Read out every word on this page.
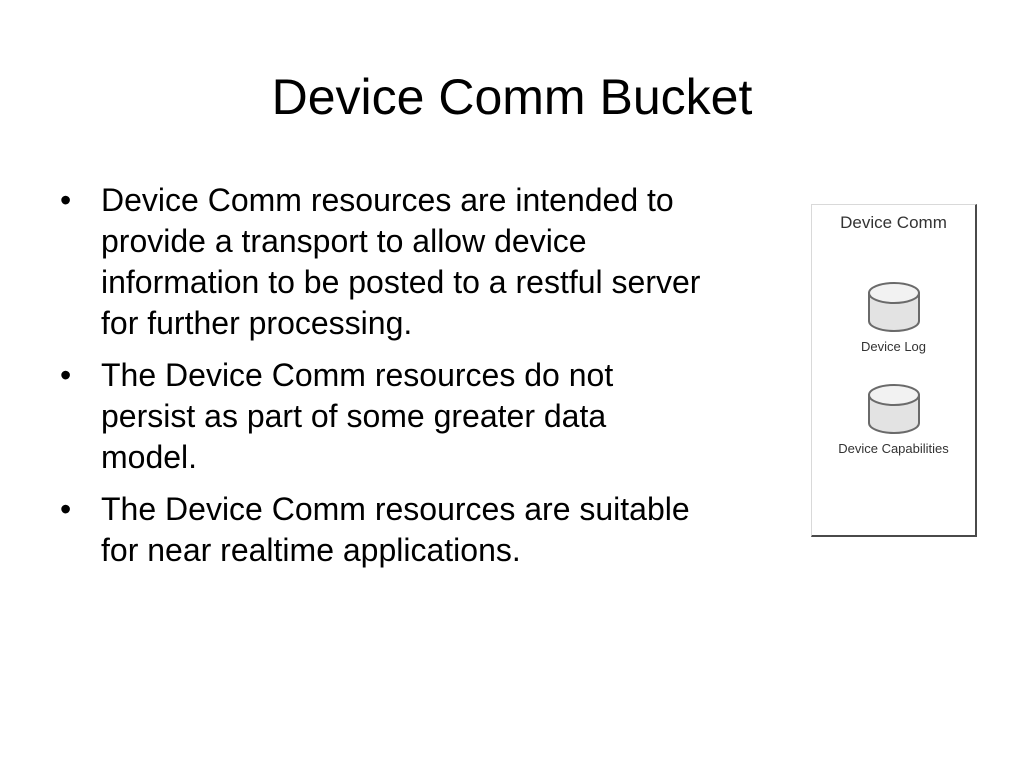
Device Comm Bucket
• Device Comm resources are intended to provide a transport to allow device information to be posted to a restful server for further processing.
• The Device Comm resources do not persist as part of some greater data model.
• The Device Comm resources are suitable for near realtime applications.
Device Comm
Device Log
Device Capabilities
